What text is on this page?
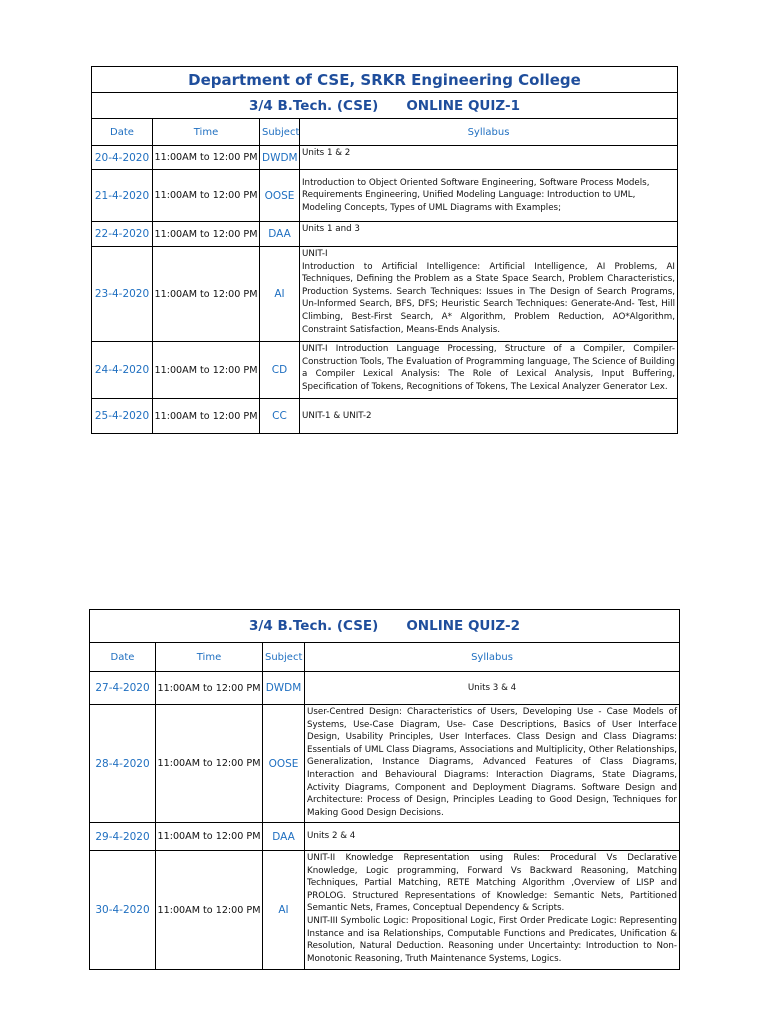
Department of CSE, SRKR Engineering College			
3/4 B.Tech. (CSE) ONLINE QUIZ-1			
Date	Time	Subject	Syllabus
20-4-2020	11:00AM to 12:00 PM	DWDM	Units 1 & 2
21-4-2020	11:00AM to 12:00 PM	OOSE	Introduction to Object Oriented Software Engineering, Software Process Models, Requirements Engineering, Unified Modeling Language: Introduction to UML, Modeling Concepts, Types of UML Diagrams with Examples;
22-4-2020	11:00AM to 12:00 PM	DAA	Units 1 and 3
23-4-2020	11:00AM to 12:00 PM	AI	UNIT-I
Introduction to Artificial Intelligence: Artificial Intelligence, AI Problems, AI Techniques, Defining the Problem as a State Space Search, Problem Characteristics, Production Systems. Search Techniques: Issues in The Design of Search Programs, Un-Informed Search, BFS, DFS; Heuristic Search Techniques: Generate-And- Test, Hill Climbing, Best-First Search, A* Algorithm, Problem Reduction, AO*Algorithm, Constraint Satisfaction, Means-Ends Analysis.
24-4-2020	11:00AM to 12:00 PM	CD	UNIT-I Introduction Language Processing, Structure of a Compiler, Compiler-Construction Tools, The Evaluation of Programming language, The Science of Building a Compiler Lexical Analysis: The Role of Lexical Analysis, Input Buffering, Specification of Tokens, Recognitions of Tokens, The Lexical Analyzer Generator Lex.
25-4-2020	11:00AM to 12:00 PM	CC	UNIT-1 & UNIT-2
3/4 B.Tech. (CSE) ONLINE QUIZ-2			
Date	Time	Subject	Syllabus
27-4-2020	11:00AM to 12:00 PM	DWDM	Units 3 & 4
28-4-2020	11:00AM to 12:00 PM	OOSE	User-Centred Design: Characteristics of Users, Developing Use - Case Models of Systems, Use-Case Diagram, Use- Case Descriptions, Basics of User Interface Design, Usability Principles, User Interfaces. Class Design and Class Diagrams: Essentials of UML Class Diagrams, Associations and Multiplicity, Other Relationships, Generalization, Instance Diagrams, Advanced Features of Class Diagrams, Interaction and Behavioural Diagrams: Interaction Diagrams, State Diagrams, Activity Diagrams, Component and Deployment Diagrams. Software Design and Architecture: Process of Design, Principles Leading to Good Design, Techniques for Making Good Design Decisions.
29-4-2020	11:00AM to 12:00 PM	DAA	Units 2 & 4
30-4-2020	11:00AM to 12:00 PM	AI	UNIT-II Knowledge Representation using Rules: Procedural Vs Declarative Knowledge, Logic programming, Forward Vs Backward Reasoning, Matching Techniques, Partial Matching, RETE Matching Algorithm ,Overview of LISP and PROLOG. Structured Representations of Knowledge: Semantic Nets, Partitioned Semantic Nets, Frames, Conceptual Dependency & Scripts.
UNIT-III Symbolic Logic: Propositional Logic, First Order Predicate Logic: Representing Instance and isa Relationships, Computable Functions and Predicates, Unification & Resolution, Natural Deduction. Reasoning under Uncertainty: Introduction to Non-Monotonic Reasoning, Truth Maintenance Systems, Logics.
